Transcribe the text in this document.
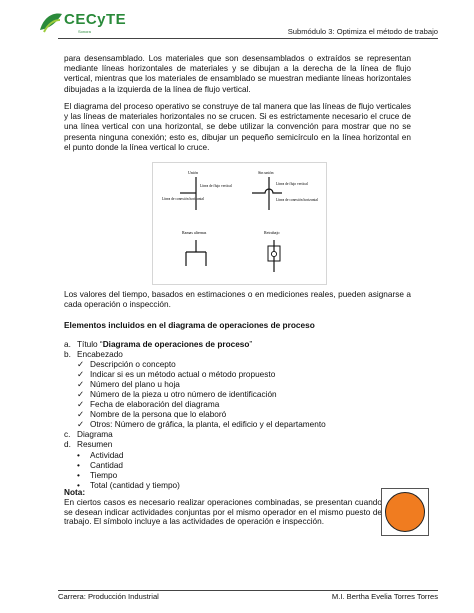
CECyTE
Sonora	Submódulo 3: Optimiza el método de trabajo
para desensamblado. Los materiales que son desensamblados o extraídos se representan mediante líneas horizontales de materiales y se dibujan a la derecha de la línea de flujo vertical, mientras que los materiales de ensamblado se muestran mediante líneas horizontales dibujadas a la izquierda de la línea de flujo vertical.
El diagrama del proceso operativo se construye de tal manera que las líneas de flujo verticales y las líneas de materiales horizontales no se crucen. Si es estrictamente necesario el cruce de una línea vertical con una horizontal, se debe utilizar la convención para mostrar que no se presenta ninguna conexión; esto es, dibujar un pequeño semicírculo en la línea horizontal en el punto donde la línea vertical lo cruce.
Unión
Línea de flujo vertical
Línea de conexión horizontal
Sin unión
Línea de flujo vertical
Línea de conexión horizontal
Ramas alternas	Retrabajo
Los valores del tiempo, basados en estimaciones o en mediciones reales, pueden asignarse a cada operación o inspección.
Elementos incluidos en el diagrama de operaciones de proceso
a. Título “Diagrama de operaciones de proceso”
b. Encabezado
✓ Descripción o concepto
✓ Indicar si es un método actual o método propuesto
✓ Número del plano u hoja
✓ Número de la pieza u otro número de identificación
✓ Fecha de elaboración del diagrama
✓ Nombre de la persona que lo elaboró
✓ Otros: Número de gráfica, la planta, el edificio y el departamento
c. Diagrama
d. Resumen
• Actividad
• Cantidad
• Tiempo
• Total (cantidad y tiempo)
Nota:
En ciertos casos es necesario realizar operaciones combinadas, se presentan cuando se desean indicar actividades conjuntas por el mismo operador en el mismo puesto de trabajo. El símbolo incluye a las actividades de operación e inspección.
Carrera: Producción Industrial	M.I. Bertha Evelia Torres Torres
